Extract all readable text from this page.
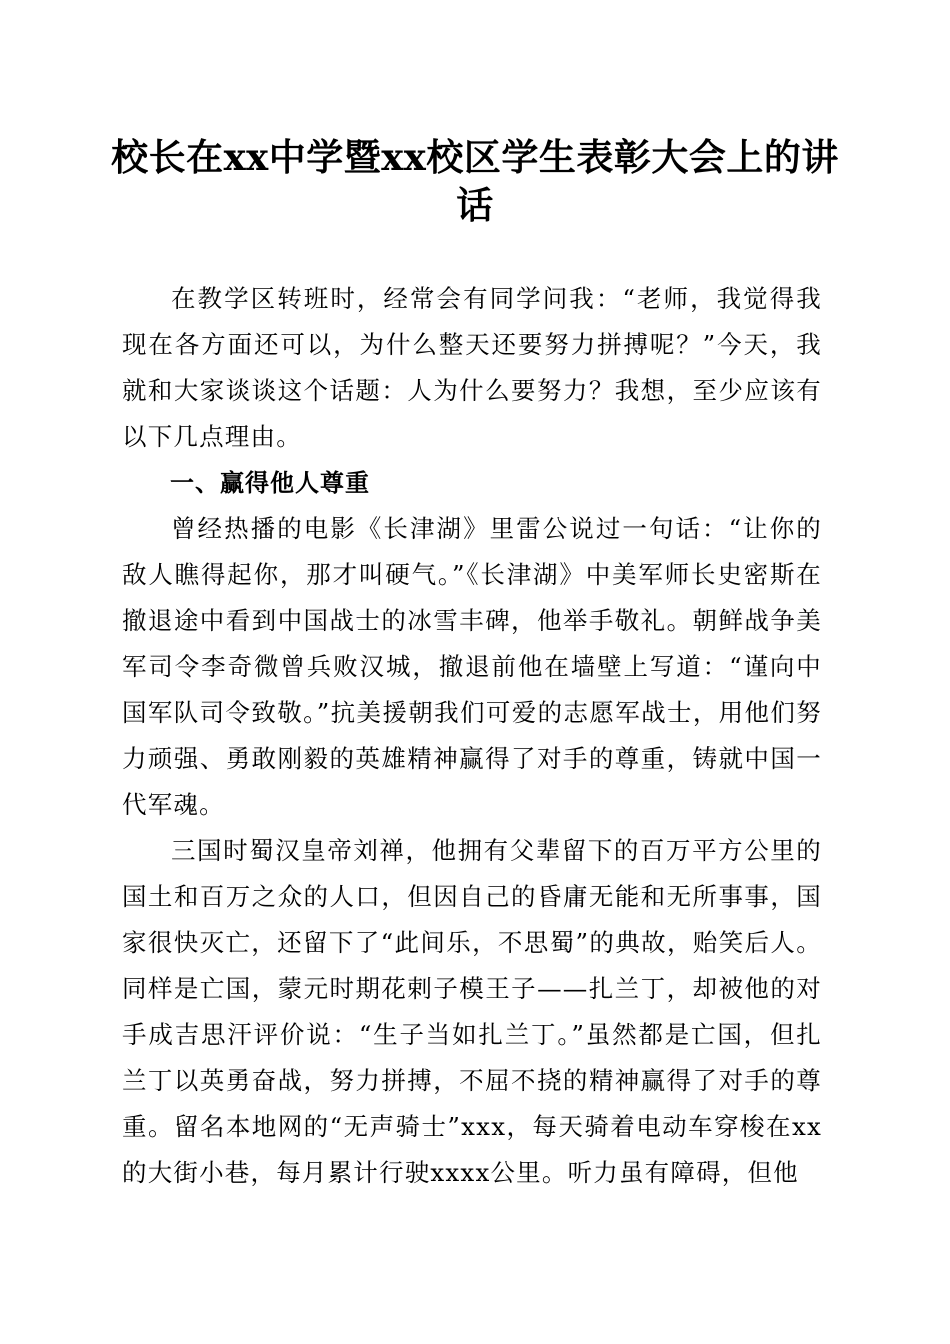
校长在xx中学暨xx校区学生表彰大会上的讲话

在教学区转班时，经常会有同学问我：“老师，我觉得我现在各方面还可以，为什么整天还要努力拼搏呢？”今天，我就和大家谈谈这个话题：人为什么要努力？我想，至少应该有以下几点理由。

一、赢得他人尊重

曾经热播的电影《长津湖》里雷公说过一句话：“让你的敌人瞧得起你，那才叫硬气。”《长津湖》中美军师长史密斯在撤退途中看到中国战士的冰雪丰碑，他举手敬礼。朝鲜战争美军司令李奇微曾兵败汉城，撤退前他在墙壁上写道：“谨向中国军队司令致敬。”抗美援朝我们可爱的志愿军战士，用他们努力顽强、勇敢刚毅的英雄精神赢得了对手的尊重，铸就中国一代军魂。

三国时蜀汉皇帝刘禅，他拥有父辈留下的百万平方公里的国土和百万之众的人口，但因自己的昏庸无能和无所事事，国家很快灭亡，还留下了“此间乐，不思蜀”的典故，贻笑后人。同样是亡国，蒙元时期花剌子模王子——扎兰丁，却被他的对手成吉思汗评价说：“生子当如扎兰丁。”虽然都是亡国，但扎兰丁以英勇奋战，努力拼搏，不屈不挠的精神赢得了对手的尊重。留名本地网的“无声骑士”xxx，每天骑着电动车穿梭在xx的大街小巷，每月累计行驶xxxx公里。听力虽有障碍，但他
